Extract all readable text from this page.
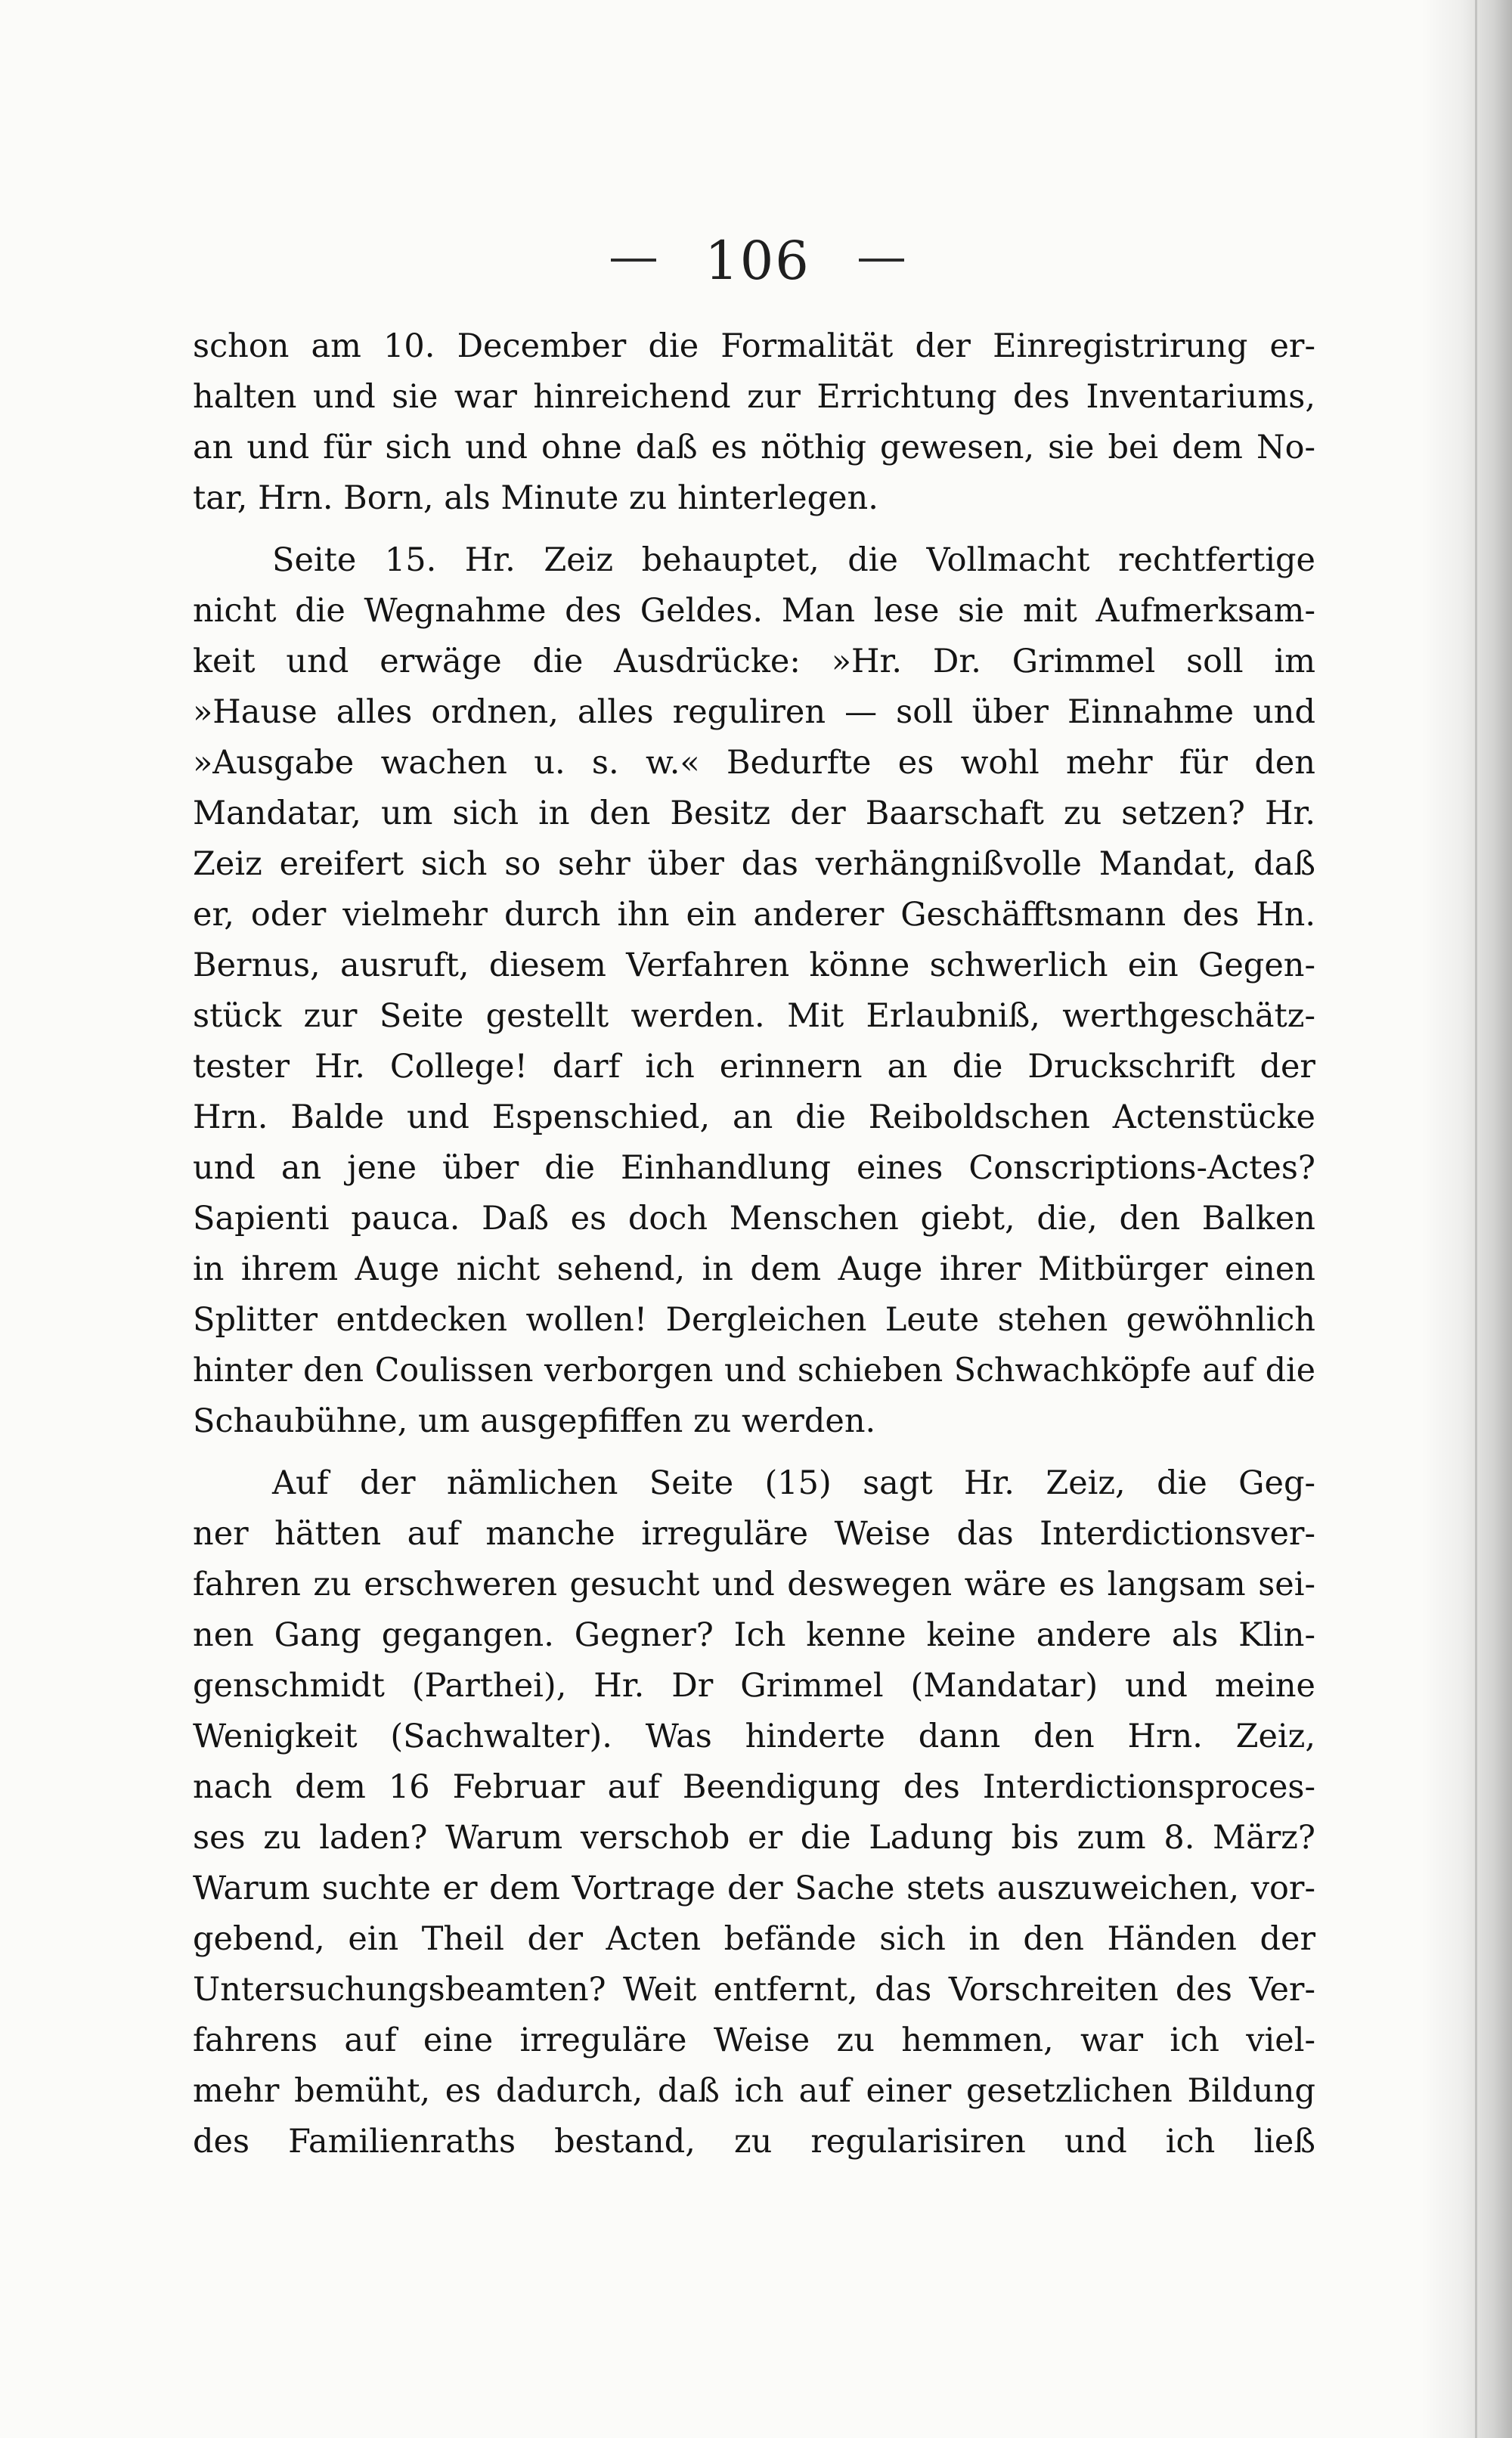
106
schon am 10. December die Formalität der Einregistrirung er-
halten und sie war hinreichend zur Errichtung des Inventariums,
an und für sich und ohne daß es nöthig gewesen, sie bei dem No-
tar, Hrn. Born, als Minute zu hinterlegen.
Seite 15. Hr. Zeiz behauptet, die Vollmacht rechtfertige
nicht die Wegnahme des Geldes. Man lese sie mit Aufmerksam-
keit und erwäge die Ausdrücke: »Hr. Dr. Grimmel soll im
»Hause alles ordnen, alles reguliren — soll über Einnahme und
»Ausgabe wachen u. s. w.« Bedurfte es wohl mehr für den
Mandatar, um sich in den Besitz der Baarschaft zu setzen? Hr.
Zeiz ereifert sich so sehr über das verhängnißvolle Mandat, daß
er, oder vielmehr durch ihn ein anderer Geschäfftsmann des Hn.
Bernus, ausruft, diesem Verfahren könne schwerlich ein Gegen-
stück zur Seite gestellt werden. Mit Erlaubniß, werthgeschätz-
tester Hr. College! darf ich erinnern an die Druckschrift der
Hrn. Balde und Espenschied, an die Reiboldschen Actenstücke
und an jene über die Einhandlung eines Conscriptions-Actes?
Sapienti pauca. Daß es doch Menschen giebt, die, den Balken
in ihrem Auge nicht sehend, in dem Auge ihrer Mitbürger einen
Splitter entdecken wollen! Dergleichen Leute stehen gewöhnlich
hinter den Coulissen verborgen und schieben Schwachköpfe auf die
Schaubühne, um ausgepfiffen zu werden.
Auf der nämlichen Seite (15) sagt Hr. Zeiz, die Geg-
ner hätten auf manche irreguläre Weise das Interdictionsver-
fahren zu erschweren gesucht und deswegen wäre es langsam sei-
nen Gang gegangen. Gegner? Ich kenne keine andere als Klin-
genschmidt (Parthei), Hr. Dr Grimmel (Mandatar) und meine
Wenigkeit (Sachwalter). Was hinderte dann den Hrn. Zeiz,
nach dem 16 Februar auf Beendigung des Interdictionsproces-
ses zu laden? Warum verschob er die Ladung bis zum 8. März?
Warum suchte er dem Vortrage der Sache stets auszuweichen, vor-
gebend, ein Theil der Acten befände sich in den Händen der
Untersuchungsbeamten? Weit entfernt, das Vorschreiten des Ver-
fahrens auf eine irreguläre Weise zu hemmen, war ich viel-
mehr bemüht, es dadurch, daß ich auf einer gesetzlichen Bildung
des Familienraths bestand, zu regularisiren und ich ließ
